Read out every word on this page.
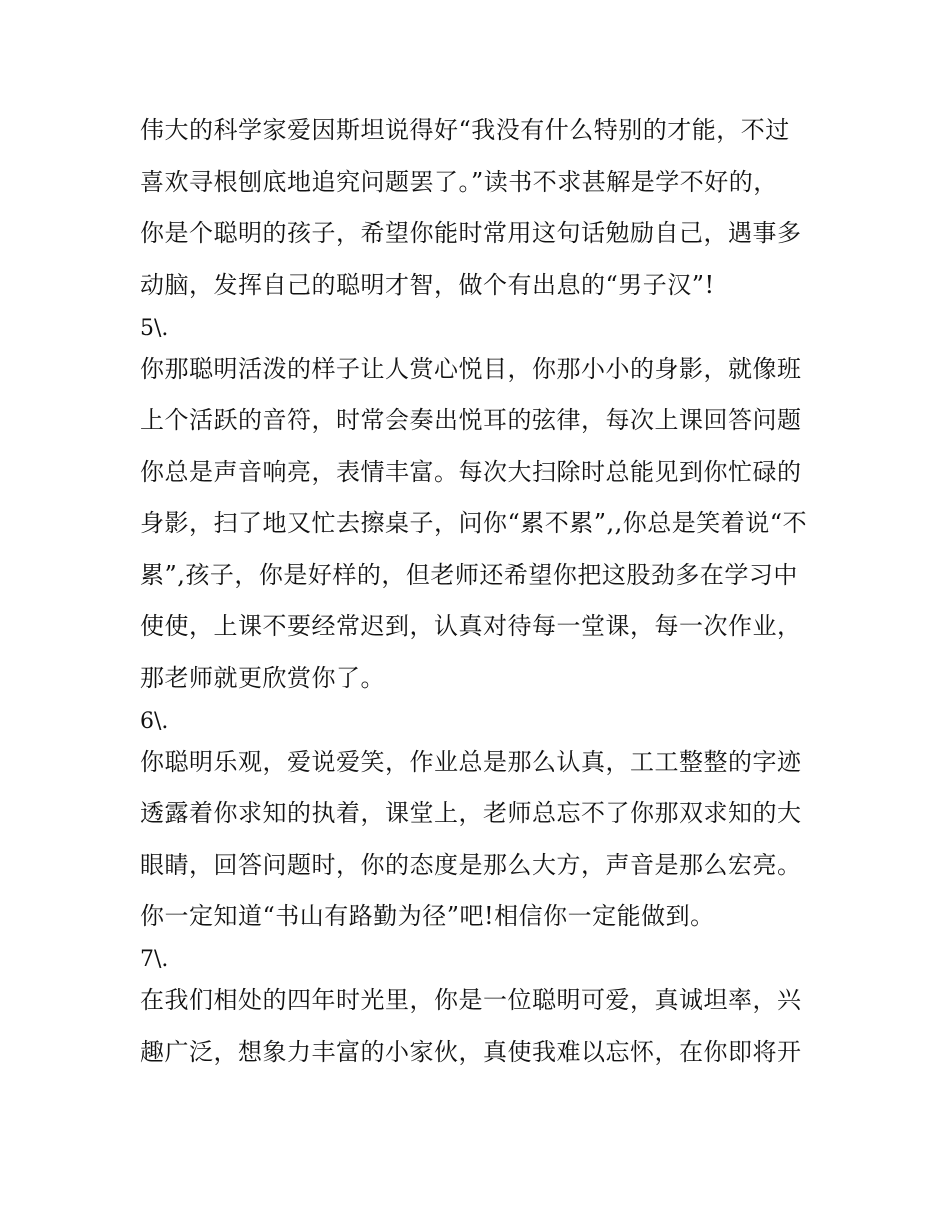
伟大的科学家爱因斯坦说得好“我没有什么特别的才能，不过
喜欢寻根刨底地追究问题罢了。”读书不求甚解是学不好的，
你是个聪明的孩子，希望你能时常用这句话勉励自己，遇事多
动脑，发挥自己的聪明才智，做个有出息的“男子汉”!
5\.
你那聪明活泼的样子让人赏心悦目，你那小小的身影，就像班
上个活跃的音符，时常会奏出悦耳的弦律，每次上课回答问题
你总是声音响亮，表情丰富。每次大扫除时总能见到你忙碌的
身影，扫了地又忙去擦桌子，问你“累不累”,,你总是笑着说“不
累”,孩子，你是好样的，但老师还希望你把这股劲多在学习中
使使，上课不要经常迟到，认真对待每一堂课，每一次作业，
那老师就更欣赏你了。
6\.
你聪明乐观，爱说爱笑，作业总是那么认真，工工整整的字迹
透露着你求知的执着，课堂上，老师总忘不了你那双求知的大
眼睛，回答问题时，你的态度是那么大方，声音是那么宏亮。
你一定知道“书山有路勤为径”吧!相信你一定能做到。
7\.
在我们相处的四年时光里，你是一位聪明可爱，真诚坦率，兴
趣广泛，想象力丰富的小家伙，真使我难以忘怀，在你即将开
